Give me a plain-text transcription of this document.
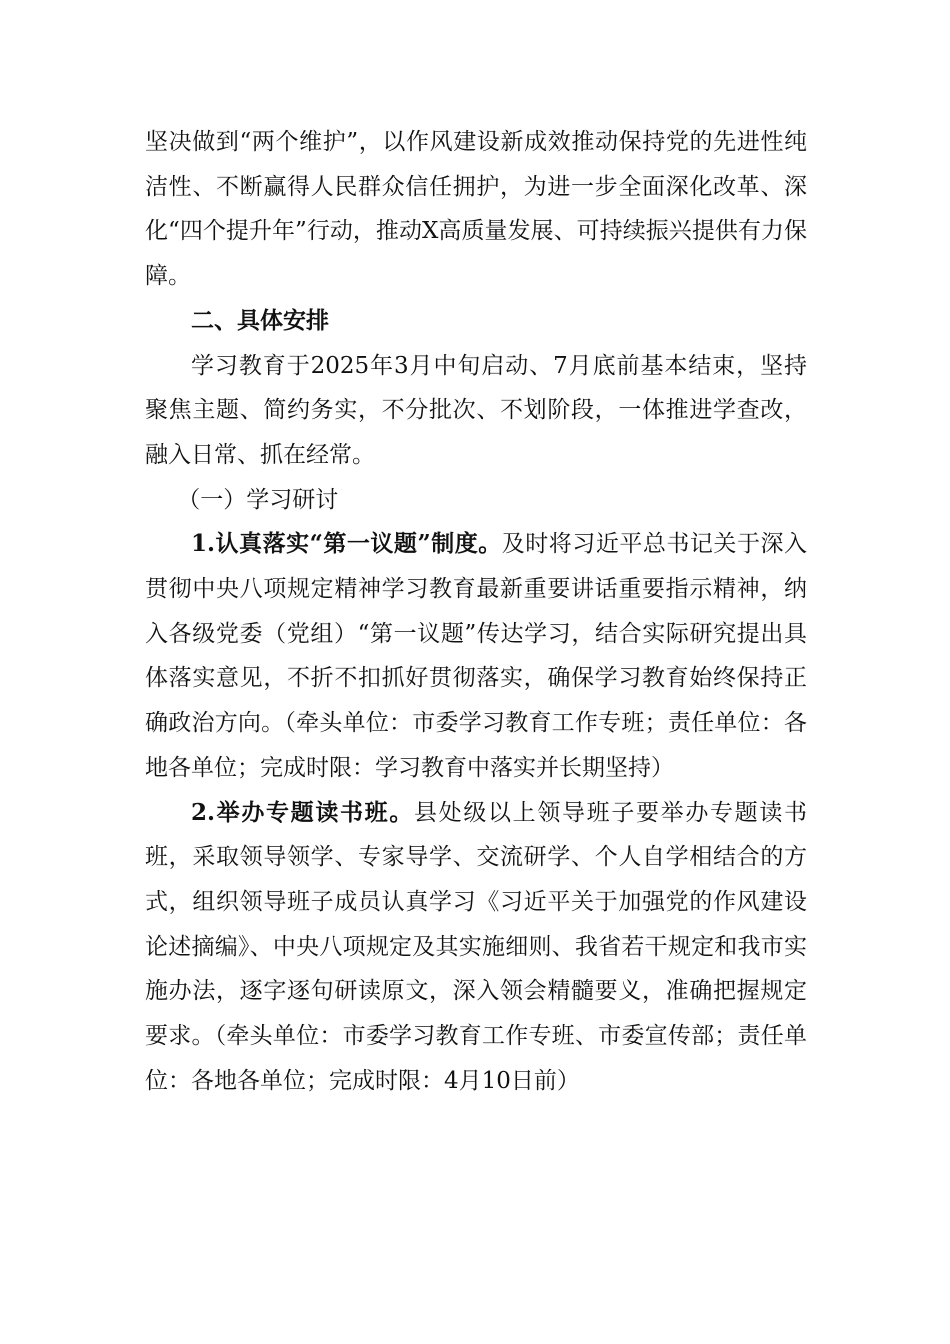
坚决做到“两个维护”，以作风建设新成效推动保持党的先进性纯洁性、不断赢得人民群众信任拥护，为进一步全面深化改革、深化“四个提升年”行动，推动X高质量发展、可持续振兴提供有力保障。

二、具体安排

学习教育于2025年3月中旬启动、7月底前基本结束，坚持聚焦主题、简约务实，不分批次、不划阶段，一体推进学查改，融入日常、抓在经常。

（一）学习研讨

1.认真落实“第一议题”制度。及时将习近平总书记关于深入贯彻中央八项规定精神学习教育最新重要讲话重要指示精神，纳入各级党委（党组）“第一议题”传达学习，结合实际研究提出具体落实意见，不折不扣抓好贯彻落实，确保学习教育始终保持正确政治方向。（牵头单位：市委学习教育工作专班；责任单位：各地各单位；完成时限：学习教育中落实并长期坚持）

2.举办专题读书班。县处级以上领导班子要举办专题读书班，采取领导领学、专家导学、交流研学、个人自学相结合的方式，组织领导班子成员认真学习《习近平关于加强党的作风建设论述摘编》、中央八项规定及其实施细则、我省若干规定和我市实施办法，逐字逐句研读原文，深入领会精髓要义，准确把握规定要求。（牵头单位：市委学习教育工作专班、市委宣传部；责任单位：各地各单位；完成时限：4月10日前）
